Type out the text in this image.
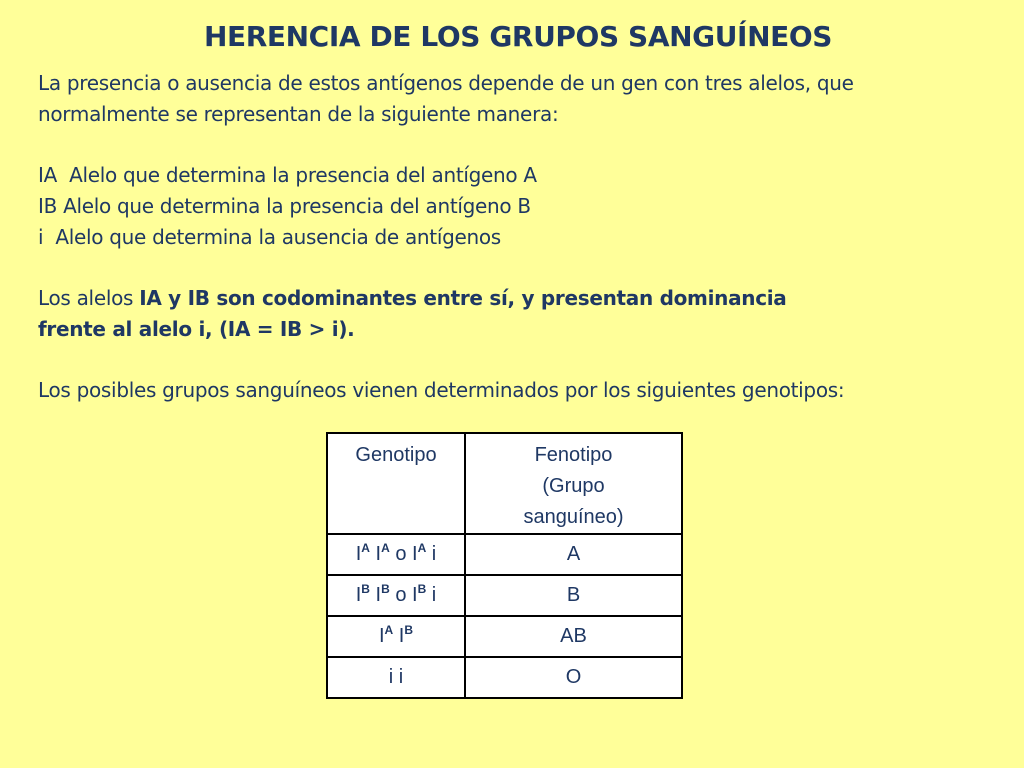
HERENCIA DE LOS GRUPOS SANGUÍNEOS
La presencia o ausencia de estos antígenos depende de un gen con tres alelos, que
normalmente se representan de la siguiente manera:
IA  Alelo que determina la presencia del antígeno A
IB Alelo que determina la presencia del antígeno B
i  Alelo que determina la ausencia de antígenos
Los alelos IA y IB son codominantes entre sí, y presentan dominancia
frente al alelo i, (IA = IB > i).
Los posibles grupos sanguíneos vienen determinados por los siguientes genotipos:
Genotipo	Fenotipo
(Grupo
sanguíneo)

$I^A$ $I^A$ o $I^A$ i	A
$I^B$ $I^B$ o $I^B$ i	B
$I^A$ $I^B$	AB
i i	O
